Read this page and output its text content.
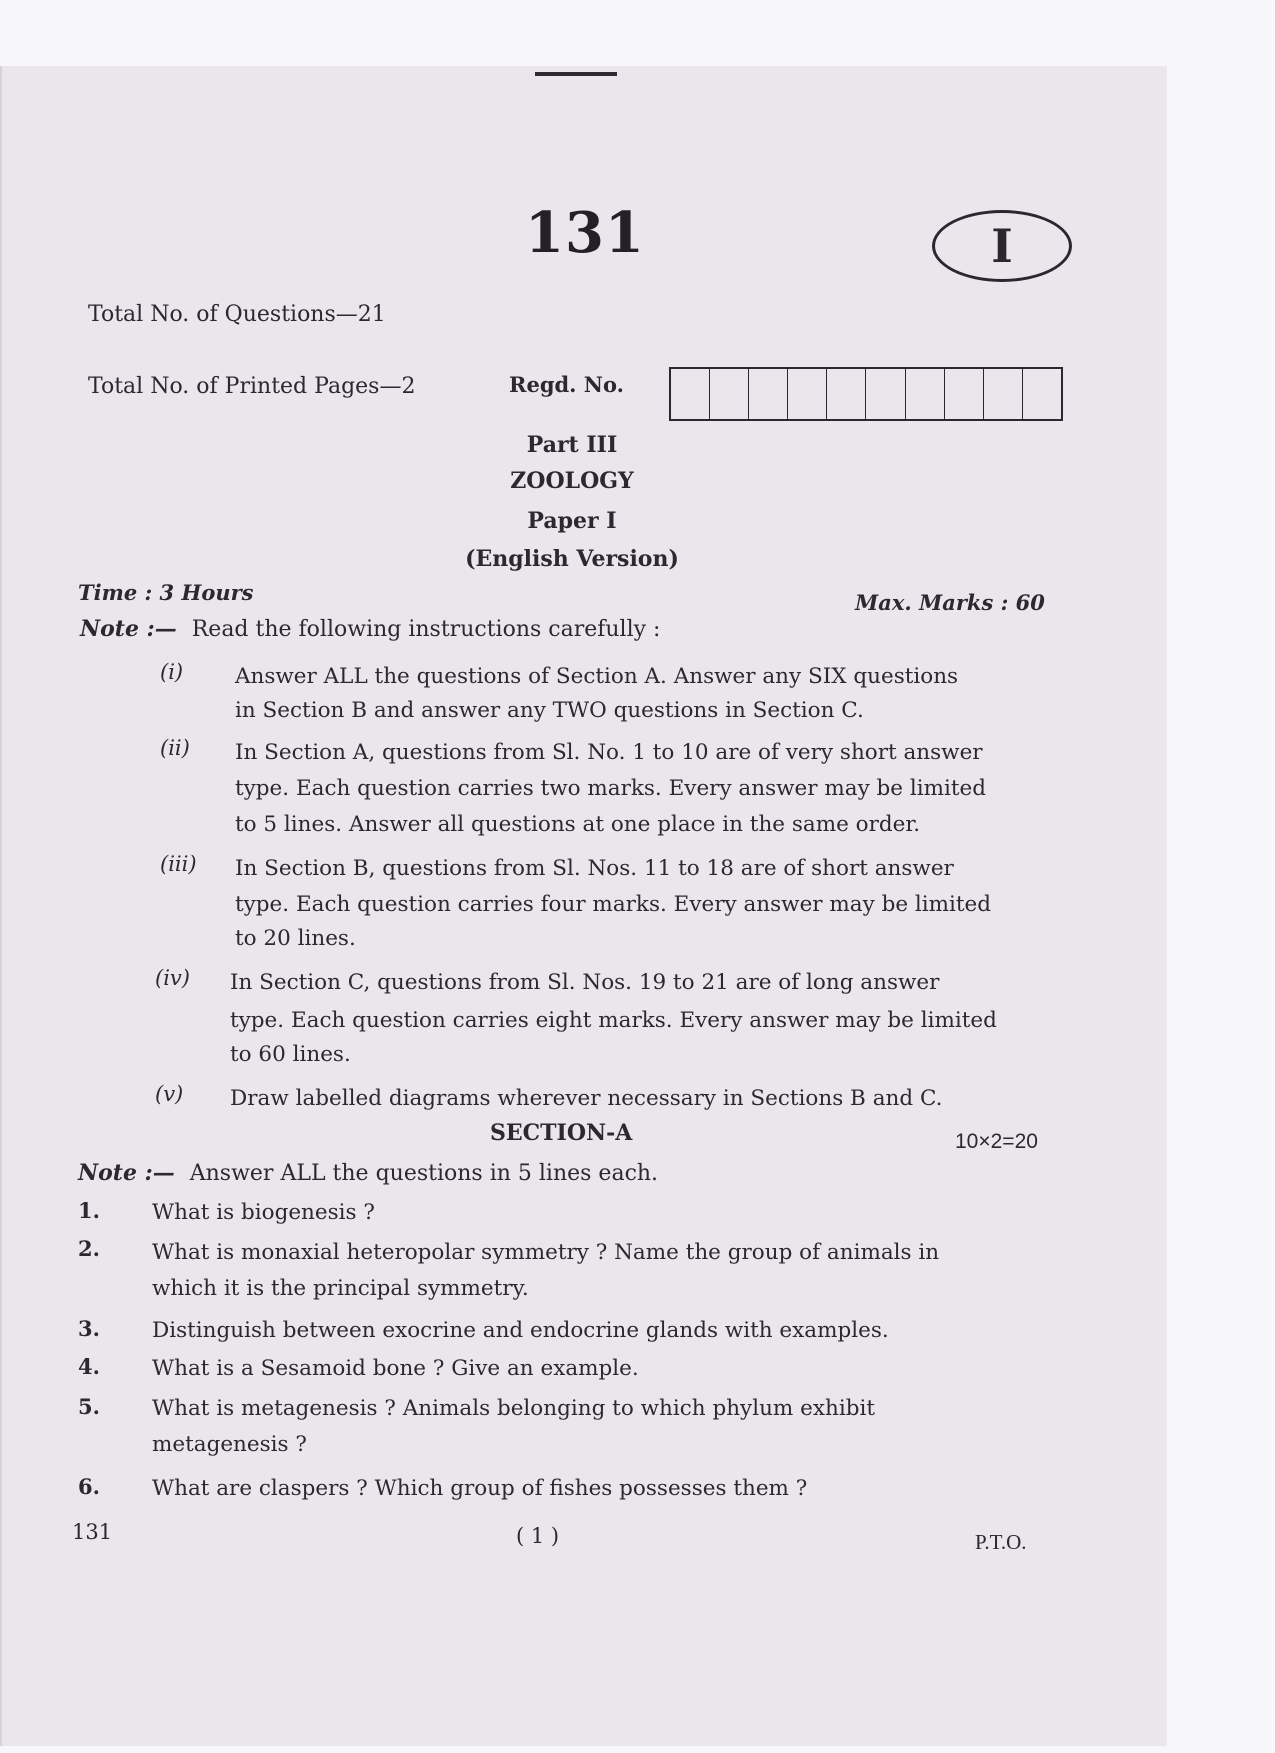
131	I
Total No. of Questions—21
Total No. of Printed Pages—2	Regd. No.
Part III
ZOOLOGY
Paper I
(English Version)
Time : 3 Hours	Max. Marks : 60
Note :— Read the following instructions carefully :
(i) Answer ALL the questions of Section A. Answer any SIX questions
in Section B and answer any TWO questions in Section C.
(ii) In Section A, questions from Sl. No. 1 to 10 are of very short answer
type. Each question carries two marks. Every answer may be limited
to 5 lines. Answer all questions at one place in the same order.
(iii) In Section B, questions from Sl. Nos. 11 to 18 are of short answer
type. Each question carries four marks. Every answer may be limited
to 20 lines.
(iv) In Section C, questions from Sl. Nos. 19 to 21 are of long answer
type. Each question carries eight marks. Every answer may be limited
to 60 lines.
(v) Draw labelled diagrams wherever necessary in Sections B and C.
SECTION-A	10×2=20
Note :— Answer ALL the questions in 5 lines each.
1. What is biogenesis ?
2. What is monaxial heteropolar symmetry ? Name the group of animals in
which it is the principal symmetry.
3. Distinguish between exocrine and endocrine glands with examples.
4. What is a Sesamoid bone ? Give an example.
5. What is metagenesis ? Animals belonging to which phylum exhibit
metagenesis ?
6. What are claspers ? Which group of fishes possesses them ?
131	( 1 )	P.T.O.
